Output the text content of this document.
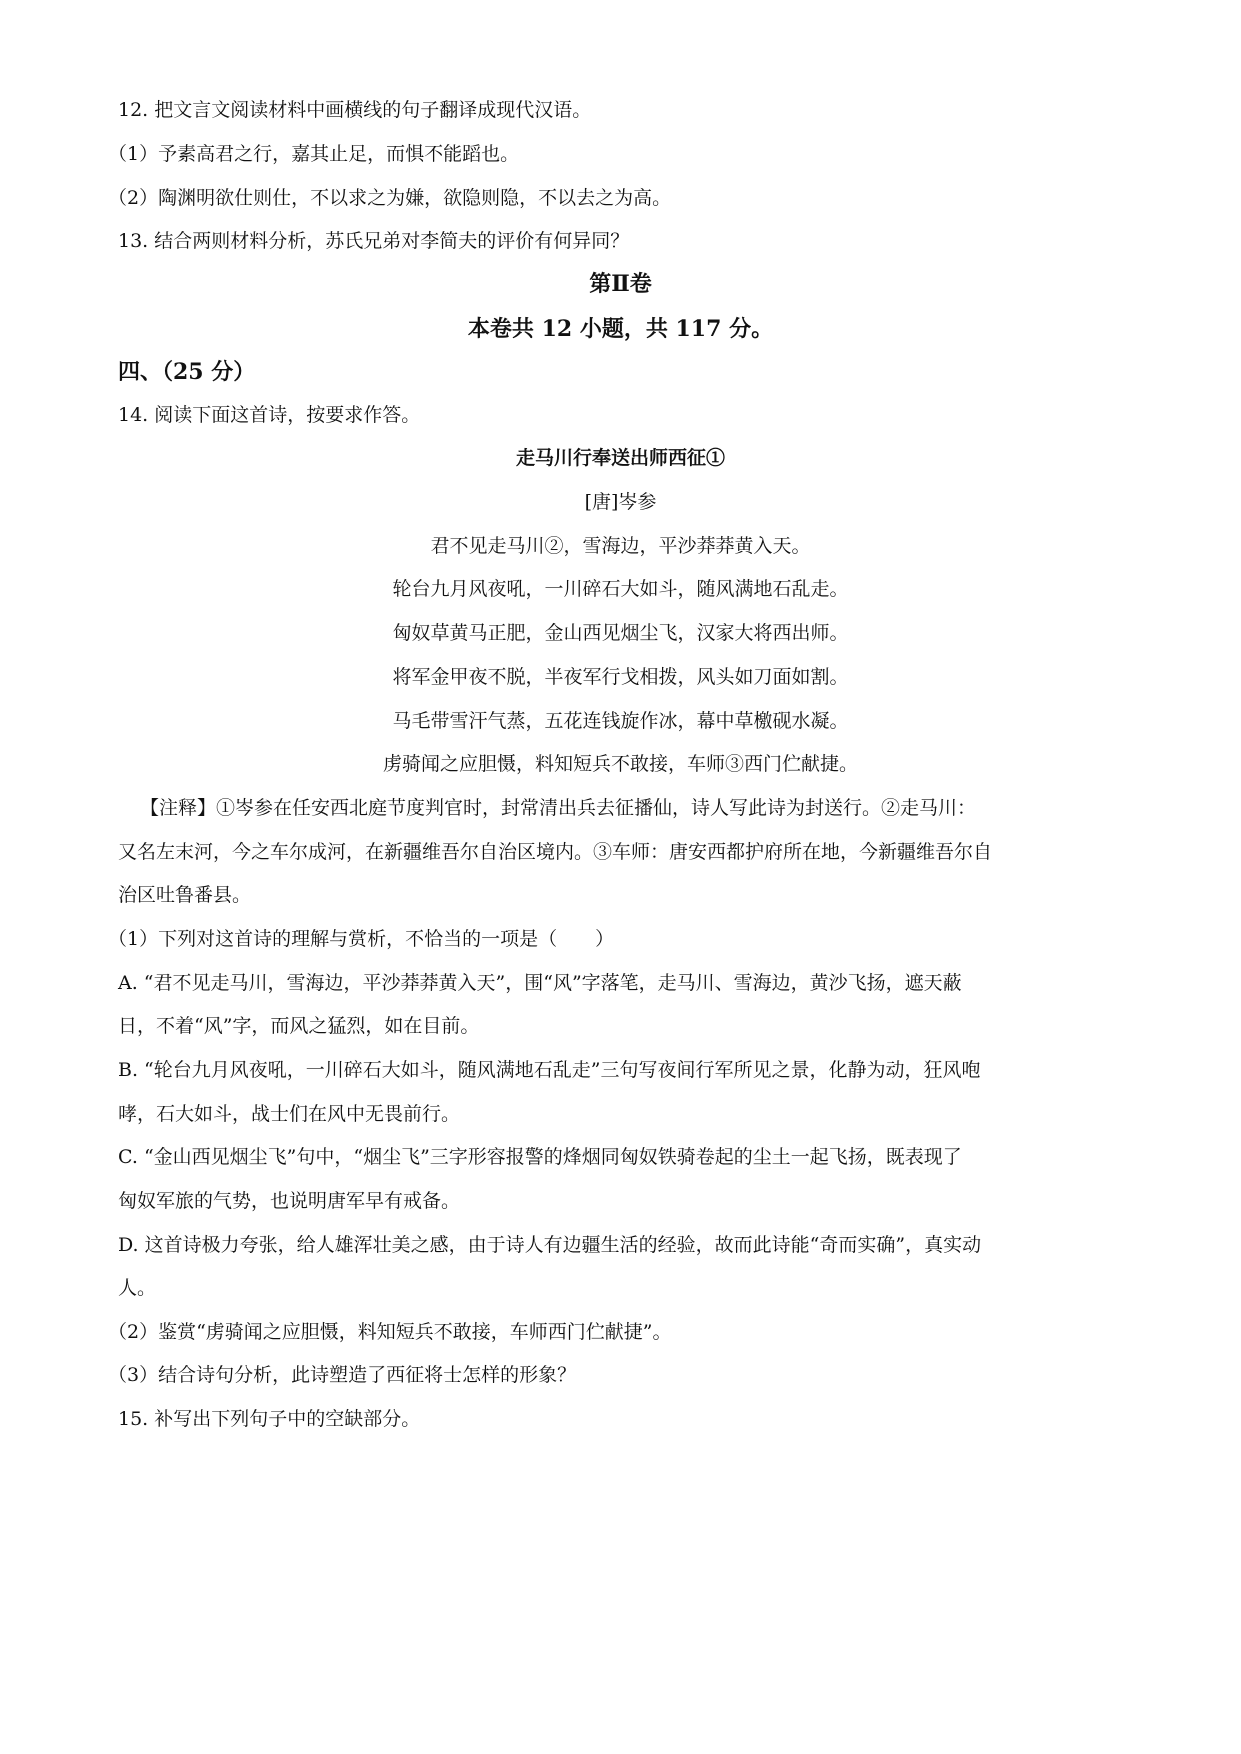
12. 把文言文阅读材料中画横线的句子翻译成现代汉语。
（1）予素高君之行，嘉其止足，而惧不能蹈也。
（2）陶渊明欲仕则仕，不以求之为嫌，欲隐则隐，不以去之为高。
13. 结合两则材料分析，苏氏兄弟对李简夫的评价有何异同？
第Ⅱ卷
本卷共 12 小题，共 117 分。
四、（25 分）
14. 阅读下面这首诗，按要求作答。
走马川行奉送出师西征①
[唐]岑参
君不见走马川②，雪海边，平沙莽莽黄入天。
轮台九月风夜吼，一川碎石大如斗，随风满地石乱走。
匈奴草黄马正肥，金山西见烟尘飞，汉家大将西出师。
将军金甲夜不脱，半夜军行戈相拨，风头如刀面如割。
马毛带雪汗气蒸，五花连钱旋作冰，幕中草檄砚水凝。
虏骑闻之应胆慑，料知短兵不敢接，车师③西门伫献捷。
【注释】①岑参在任安西北庭节度判官时，封常清出兵去征播仙，诗人写此诗为封送行。②走马川：
又名左末河，今之车尔成河，在新疆维吾尔自治区境内。③车师：唐安西都护府所在地，今新疆维吾尔自
治区吐鲁番县。
（1）下列对这首诗的理解与赏析，不恰当的一项是（　　）
A. “君不见走马川，雪海边，平沙莽莽黄入天”，围“风”字落笔，走马川、雪海边，黄沙飞扬，遮天蔽
日，不着“风”字，而风之猛烈，如在目前。
B. “轮台九月风夜吼，一川碎石大如斗，随风满地石乱走”三句写夜间行军所见之景，化静为动，狂风咆
哮，石大如斗，战士们在风中无畏前行。
C. “金山西见烟尘飞”句中，“烟尘飞”三字形容报警的烽烟同匈奴铁骑卷起的尘土一起飞扬，既表现了
匈奴军旅的气势，也说明唐军早有戒备。
D. 这首诗极力夸张，给人雄浑壮美之感，由于诗人有边疆生活的经验，故而此诗能“奇而实确”，真实动
人。
（2）鉴赏“虏骑闻之应胆慑，料知短兵不敢接，车师西门伫献捷”。
（3）结合诗句分析，此诗塑造了西征将士怎样的形象？
15. 补写出下列句子中的空缺部分。
